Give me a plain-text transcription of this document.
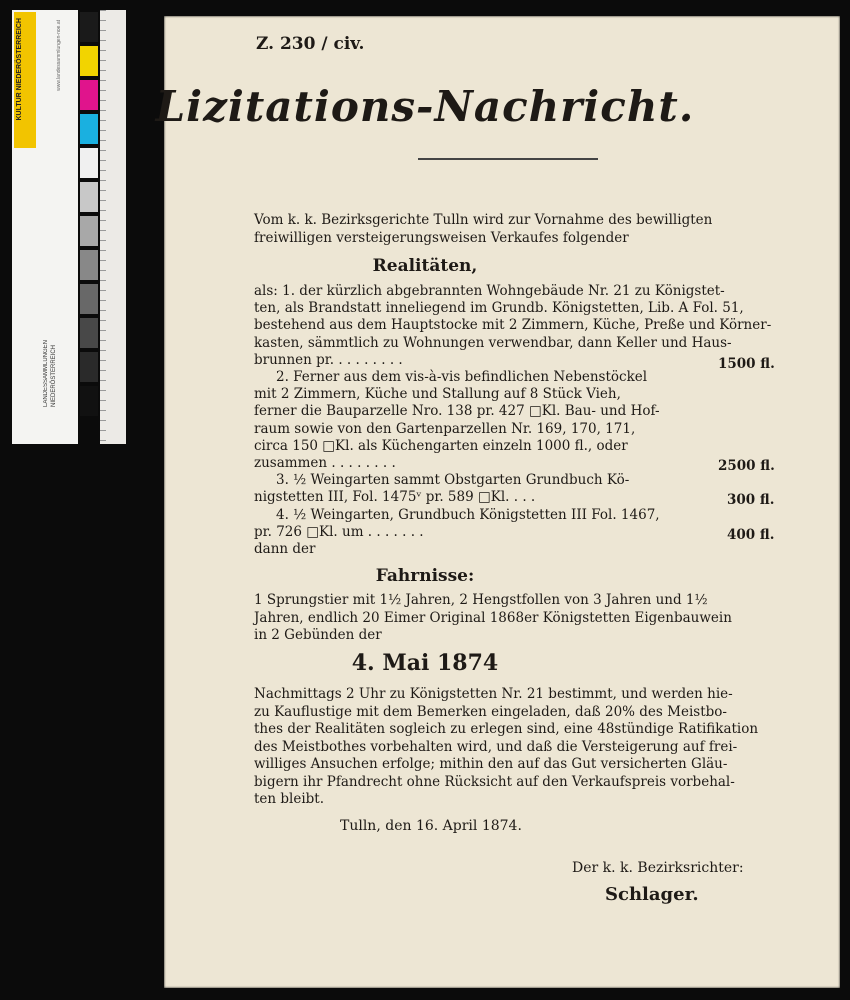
KULTUR NIEDERÖSTERREICH	www.landessammlungen-noe.at
LANDESSAMMLUNGEN NIEDERÖSTERREICH
Z. 230 / civ.
Lizitations-Nachricht.
Vom k. k. Bezirksgerichte Tulln wird zur Vornahme des bewilligten
freiwilligen versteigerungsweisen Verkaufes folgender
Realitäten,
als: 1. der kürzlich abgebrannten Wohngebäude Nr. 21 zu Königstet-
ten, als Brandstatt inneliegend im Grundb. Königstetten, Lib. A Fol. 51,
bestehend aus dem Hauptstocke mit 2 Zimmern, Küche, Preße und Körner-
kasten, sämmtlich zu Wohnungen verwendbar, dann Keller und Haus-
brunnen pr. . . . . . . . .
2. Ferner aus dem vis-à-vis befindlichen Nebenstöckel
mit 2 Zimmern, Küche und Stallung auf 8 Stück Vieh,
ferner die Bauparzelle Nro. 138 pr. 427 □Kl. Bau- und Hof-
raum sowie von den Gartenparzellen Nr. 169, 170, 171,
circa 150 □Kl. als Küchengarten einzeln 1000 fl., oder
zusammen . . . . . . . .
3. ½ Weingarten sammt Obstgarten Grundbuch Kö-
nigstetten III, Fol. 1475ᵛ pr. 589 □Kl. . . .
4. ½ Weingarten, Grundbuch Königstetten III Fol. 1467,
pr. 726 □Kl. um . . . . . . .
dann der
1500 fl.
2500 fl.
300 fl.
400 fl.
Fahrnisse:
1 Sprungstier mit 1½ Jahren, 2 Hengstfollen von 3 Jahren und 1½
Jahren, endlich 20 Eimer Original 1868er Königstetten Eigenbauwein
in 2 Gebünden der
4. Mai 1874
Nachmittags 2 Uhr zu Königstetten Nr. 21 bestimmt, und werden hie-
zu Kauflustige mit dem Bemerken eingeladen, daß 20% des Meistbo-
thes der Realitäten sogleich zu erlegen sind, eine 48stündige Ratifikation
des Meistbothes vorbehalten wird, und daß die Versteigerung auf frei-
williges Ansuchen erfolge; mithin den auf das Gut versicherten Gläu-
bigern ihr Pfandrecht ohne Rücksicht auf den Verkaufspreis vorbehal-
ten bleibt.
Tulln, den 16. April 1874.
Der k. k. Bezirksrichter:
Schlager.
